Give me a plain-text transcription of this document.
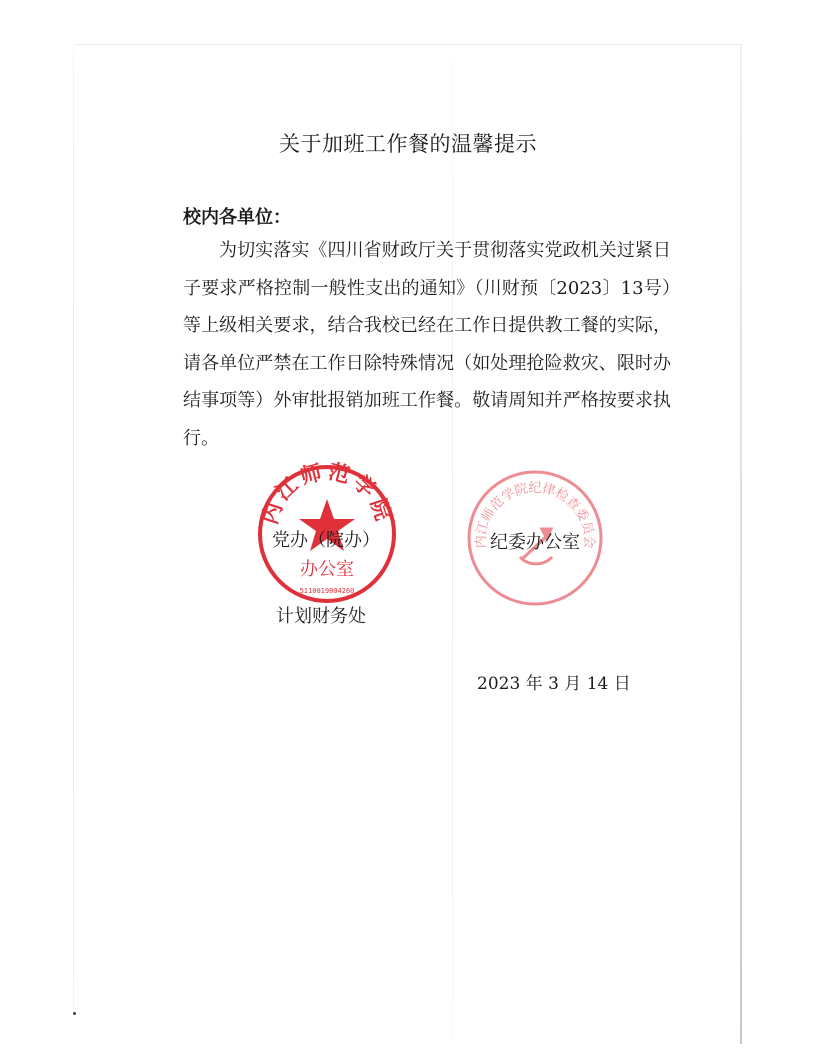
关于加班工作餐的温馨提示
校内各单位：

为切实落实《四川省财政厅关于贯彻落实党政机关过紧日子要求严格控制一般性支出的通知》（川财预〔2023〕13号）等上级相关要求，结合我校已经在工作日提供教工餐的实际，请各单位严禁在工作日除特殊情况（如处理抢险救灾、限时办结事项等）外审批报销加班工作餐。敬请周知并严格按要求执行。

内江师范学院
办公室
5110019004260
内江师范学院纪律检查委员会
党办（院办）	纪委办公室
计划财务处
2023 年 3 月 14 日
